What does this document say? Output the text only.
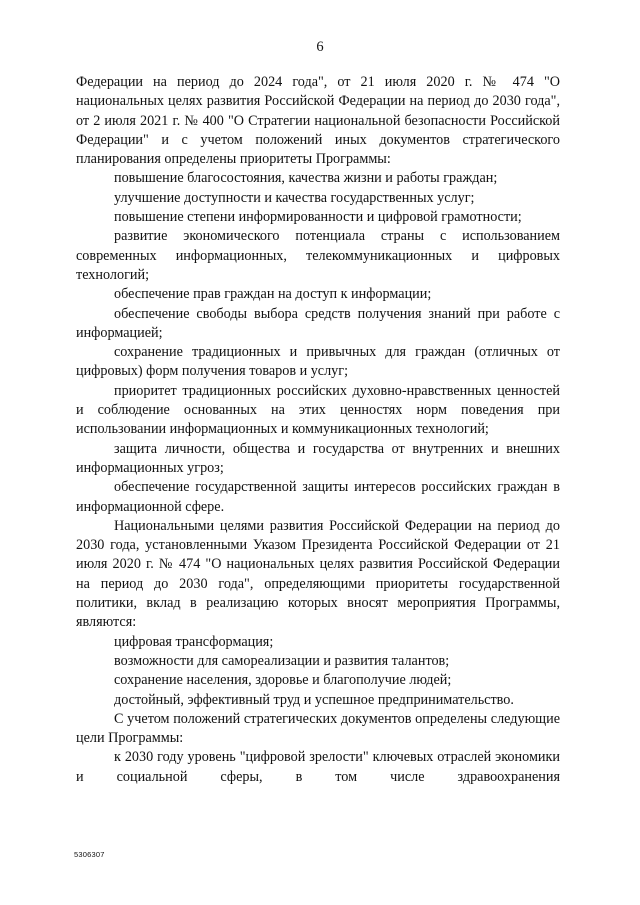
6

Федерации на период до 2024 года", от 21 июля 2020 г. № 474 "О национальных целях развития Российской Федерации на период до 2030 года", от 2 июля 2021 г. № 400 "О Стратегии национальной безопасности Российской Федерации" и с учетом положений иных документов стратегического планирования определены приоритеты Программы:

повышение благосостояния, качества жизни и работы граждан;

улучшение доступности и качества государственных услуг;

повышение степени информированности и цифровой грамотности;

развитие экономического потенциала страны с использованием современных информационных, телекоммуникационных и цифровых технологий;

обеспечение прав граждан на доступ к информации;

обеспечение свободы выбора средств получения знаний при работе с информацией;

сохранение традиционных и привычных для граждан (отличных от цифровых) форм получения товаров и услуг;

приоритет традиционных российских духовно-нравственных ценностей и соблюдение основанных на этих ценностях норм поведения при использовании информационных и коммуникационных технологий;

защита личности, общества и государства от внутренних и внешних информационных угроз;

обеспечение государственной защиты интересов российских граждан в информационной сфере.

Национальными целями развития Российской Федерации на период до 2030 года, установленными Указом Президента Российской Федерации от 21 июля 2020 г. № 474 "О национальных целях развития Российской Федерации на период до 2030 года", определяющими приоритеты государственной политики, вклад в реализацию которых вносят мероприятия Программы, являются:

цифровая трансформация;

возможности для самореализации и развития талантов;

сохранение населения, здоровье и благополучие людей;

достойный, эффективный труд и успешное предпринимательство.

С учетом положений стратегических документов определены следующие цели Программы:

к 2030 году уровень "цифровой зрелости" ключевых отраслей экономики и социальной сферы, в том числе здравоохранения

5306307
